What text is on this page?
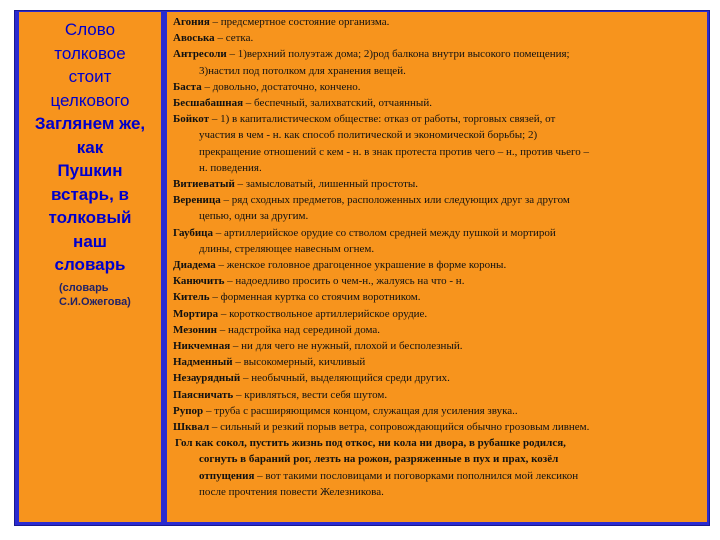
Слово
толковое
стоит
целкового
Заглянем же,
как
Пушкин
встарь, в
толковый
наш
словарь
(словарь
С.И.Ожегова)
Агония – предсмертное состояние организма.
Авоська – сетка.
Антресоли – 1)верхний полуэтаж дома; 2)род балкона внутри высокого помещения;
3)настил под потолком для хранения вещей.
Баста – довольно, достаточно, кончено.
Бесшабашная – беспечный, залихватский, отчаянный.
Бойкот – 1) в капиталистическом обществе: отказ от работы, торговых связей, от
участия в чем - н. как способ политической и экономической борьбы; 2)
прекращение отношений с кем - н. в знак протеста против чего – н., против чьего –
н. поведения.
Витиеватый – замысловатый, лишенный простоты.
Вереница – ряд сходных предметов, расположенных или следующих друг за другом
цепью, одни за другим.
Гаубица – артиллерийское орудие со стволом средней между пушкой и мортирой
длины, стреляющее навесным огнем.
Диадема – женское головное драгоценное украшение в форме короны.
Канючить – надоедливо просить о чем-н., жалуясь на что - н.
Китель – форменная куртка со стоячим воротником.
Мортира – короткоствольное артиллерийское орудие.
Мезонин – надстройка над серединой дома.
Никчемная – ни для чего не нужный, плохой и бесполезный.
Надменный – высокомерный, кичливый
Незаурядный – необычный, выделяющийся среди других.
Паясничать – кривляться, вести себя шутом.
Рупор – труба с расширяющимся концом, служащая для усиления звука..
Шквал – сильный и резкий порыв ветра, сопровождающийся обычно грозовым ливнем.
Гол как сокол, пустить жизнь под откос, ни кола ни двора, в рубашке родился,
согнуть в бараний рог, лезть на рожон, разряженные в пух и прах, козёл
отпущения – вот такими пословицами и поговорками пополнился мой лексикон
после прочтения повести Железникова.
